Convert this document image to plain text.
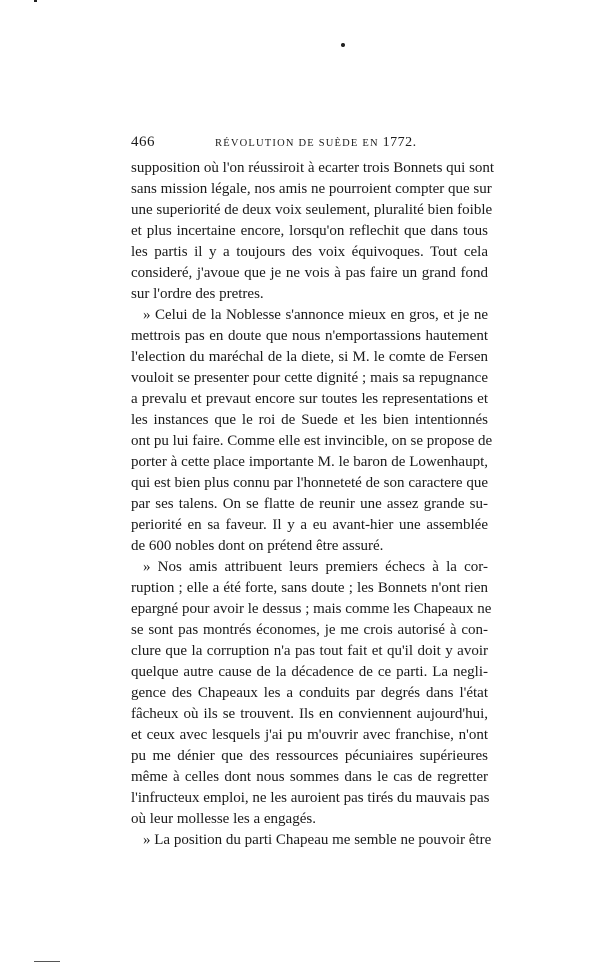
466	RÉVOLUTION DE SUÈDE EN 1772.
supposition où l'on réussiroit à ecarter trois Bonnets qui sont
sans mission légale, nos amis ne pourroient compter que sur
une superiorité de deux voix seulement, pluralité bien foible
et plus incertaine encore, lorsqu'on reflechit que dans tous
les partis il y a toujours des voix équivoques. Tout cela
consideré, j'avoue que je ne vois à pas faire un grand fond
sur l'ordre des pretres.
» Celui de la Noblesse s'annonce mieux en gros, et je ne
mettrois pas en doute que nous n'emportassions hautement
l'election du maréchal de la diete, si M. le comte de Fersen
vouloit se presenter pour cette dignité ; mais sa repugnance
a prevalu et prevaut encore sur toutes les representations et
les instances que le roi de Suede et les bien intentionnés
ont pu lui faire. Comme elle est invincible, on se propose de
porter à cette place importante M. le baron de Lowenhaupt,
qui est bien plus connu par l'honneteté de son caractere que
par ses talens. On se flatte de reunir une assez grande su-
periorité en sa faveur. Il y a eu avant-hier une assemblée
de 600 nobles dont on prétend être assuré.
» Nos amis attribuent leurs premiers échecs à la cor-
ruption ; elle a été forte, sans doute ; les Bonnets n'ont rien
epargné pour avoir le dessus ; mais comme les Chapeaux ne
se sont pas montrés économes, je me crois autorisé à con-
clure que la corruption n'a pas tout fait et qu'il doit y avoir
quelque autre cause de la décadence de ce parti. La negli-
gence des Chapeaux les a conduits par degrés dans l'état
fâcheux où ils se trouvent. Ils en conviennent aujourd'hui,
et ceux avec lesquels j'ai pu m'ouvrir avec franchise, n'ont
pu me dénier que des ressources pécuniaires supérieures
même à celles dont nous sommes dans le cas de regretter
l'infructeux emploi, ne les auroient pas tirés du mauvais pas
où leur mollesse les a engagés.
» La position du parti Chapeau me semble ne pouvoir être
